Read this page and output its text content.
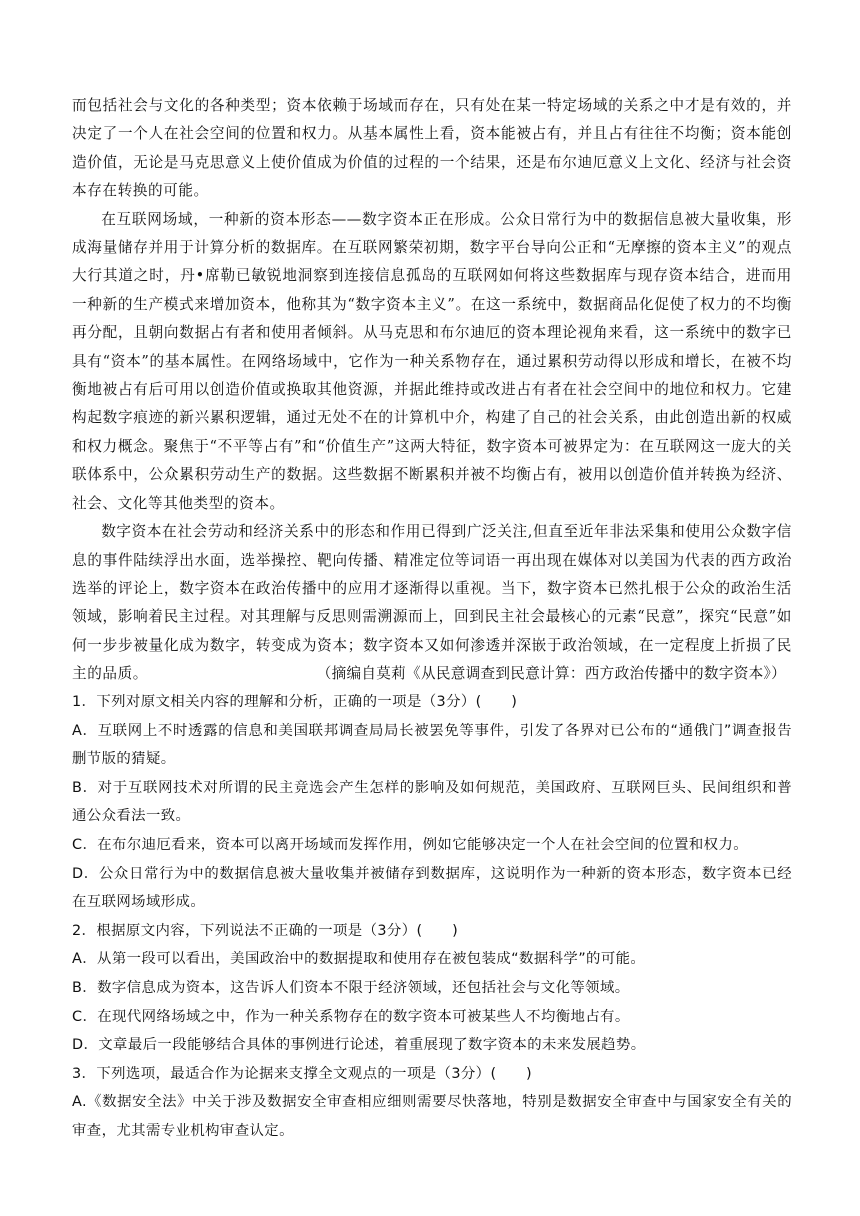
而包括社会与文化的各种类型；资本依赖于场域而存在，只有处在某一特定场域的关系之中才是有效的，并决定了一个人在社会空间的位置和权力。从基本属性上看，资本能被占有，并且占有往往不均衡；资本能创造价值，无论是马克思意义上使价值成为价值的过程的一个结果，还是布尔迪厄意义上文化、经济与社会资本存在转换的可能。

在互联网场域，一种新的资本形态——数字资本正在形成。公众日常行为中的数据信息被大量收集，形成海量储存并用于计算分析的数据库。在互联网繁荣初期，数字平台导向公正和“无摩擦的资本主义”的观点大行其道之时，丹•席勒已敏锐地洞察到连接信息孤岛的互联网如何将这些数据库与现存资本结合，进而用一种新的生产模式来增加资本，他称其为“数字资本主义”。在这一系统中，数据商品化促使了权力的不均衡再分配，且朝向数据占有者和使用者倾斜。从马克思和布尔迪厄的资本理论视角来看，这一系统中的数字已具有“资本”的基本属性。在网络场域中，它作为一种关系物存在，通过累积劳动得以形成和增长，在被不均衡地被占有后可用以创造价值或换取其他资源，并据此维持或改进占有者在社会空间中的地位和权力。它建构起数字痕迹的新兴累积逻辑，通过无处不在的计算机中介，构建了自己的社会关系，由此创造出新的权威和权力概念。聚焦于“不平等占有”和“价值生产”这两大特征，数字资本可被界定为：在互联网这一庞大的关联体系中，公众累积劳动生产的数据。这些数据不断累积并被不均衡占有，被用以创造价值并转换为经济、社会、文化等其他类型的资本。

数字资本在社会劳动和经济关系中的形态和作用已得到广泛关注,但直至近年非法采集和使用公众数字信息的事件陆续浮出水面，选举操控、靶向传播、精准定位等词语一再出现在媒体对以美国为代表的西方政治选举的评论上，数字资本在政治传播中的应用才逐渐得以重视。当下，数字资本已然扎根于公众的政治生活领域，影响着民主过程。对其理解与反思则需溯源而上，回到民主社会最核心的元素“民意”，探究“民意”如何一步步被量化成为数字，转变成为资本；数字资本又如何渗透并深嵌于政治领域，在一定程度上折损了民主的品质。	（摘编自莫莉《从民意调查到民意计算：西方政治传播中的数字资本》）

1．下列对原文相关内容的理解和分析，正确的一项是（3分）(　　)

A．互联网上不时透露的信息和美国联邦调查局局长被罢免等事件，引发了各界对已公布的“通俄门”调查报告删节版的猜疑。

B．对于互联网技术对所谓的民主竞选会产生怎样的影响及如何规范，美国政府、互联网巨头、民间组织和普通公众看法一致。

C．在布尔迪厄看来，资本可以离开场域而发挥作用，例如它能够决定一个人在社会空间的位置和权力。

D．公众日常行为中的数据信息被大量收集并被储存到数据库，这说明作为一种新的资本形态，数字资本已经在互联网场域形成。

2．根据原文内容，下列说法不正确的一项是（3分）(　　)

A．从第一段可以看出，美国政治中的数据提取和使用存在被包装成“数据科学”的可能。

B．数字信息成为资本，这告诉人们资本不限于经济领域，还包括社会与文化等领域。

C．在现代网络场域之中，作为一种关系物存在的数字资本可被某些人不均衡地占有。

D．文章最后一段能够结合具体的事例进行论述，着重展现了数字资本的未来发展趋势。

3．下列选项，最适合作为论据来支撑全文观点的一项是（3分）(　　)

A.《数据安全法》中关于涉及数据安全审查相应细则需要尽快落地，特别是数据安全审查中与国家安全有关的审查，尤其需专业机构审查认定。
